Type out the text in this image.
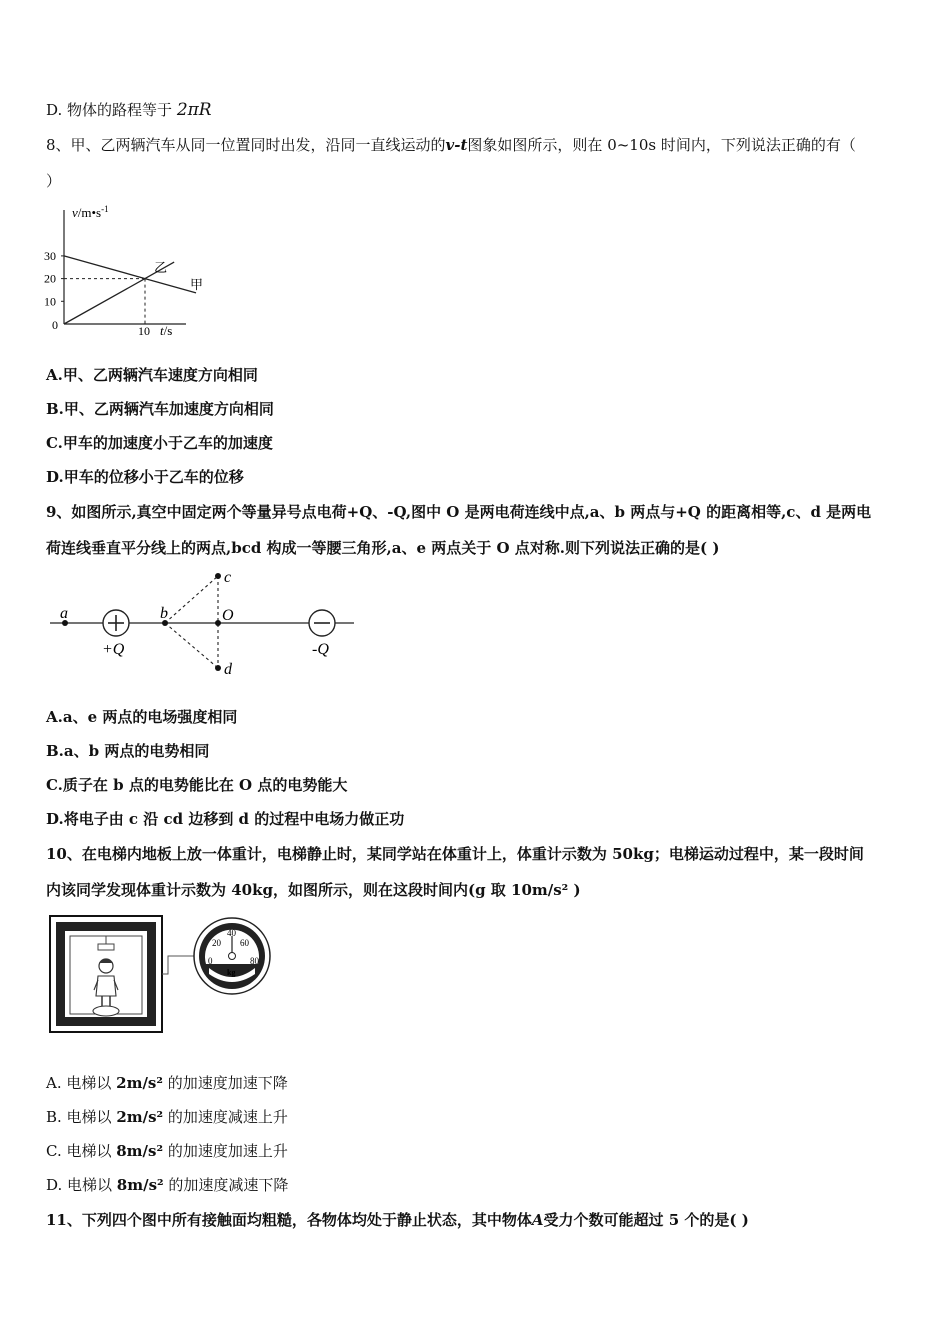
D. 物体的路程等于 2πR
8、甲、乙两辆汽车从同一位置同时出发，沿同一直线运动的v-t图象如图所示，则在 0~10s 时间内，下列说法正确的有（
）
$v/m•s^{-1}$
t/s
0
30
20
10
10
甲
乙
A.甲、乙两辆汽车速度方向相同
B.甲、乙两辆汽车加速度方向相同
C.甲车的加速度小于乙车的加速度
D.甲车的位移小于乙车的位移
9、如图所示,真空中固定两个等量异号点电荷+Q、-Q,图中 O 是两电荷连线中点,a、b 两点与+Q 的距离相等,c、d 是两电
荷连线垂直平分线上的两点,bcd 构成一等腰三角形,a、e 两点关于 O 点对称.则下列说法正确的是( )
a	b
c
d
O
+Q	-Q
A.a、e 两点的电场强度相同
B.a、b 两点的电势相同
C.质子在 b 点的电势能比在 O 点的电势能大
D.将电子由 c 沿 cd 边移到 d 的过程中电场力做正功
10、在电梯内地板上放一体重计，电梯静止时，某同学站在体重计上，体重计示数为 50kg；电梯运动过程中，某一段时间
内该同学发现体重计示数为 40kg，如图所示，则在这段时间内(g 取 10m/s² )
40
20 60
0	80
kg
A. 电梯以 2m/s² 的加速度加速下降
B. 电梯以 2m/s² 的加速度减速上升
C. 电梯以 8m/s² 的加速度加速上升
D. 电梯以 8m/s² 的加速度减速下降
11、下列四个图中所有接触面均粗糙，各物体均处于静止状态，其中物体A受力个数可能超过 5 个的是( )
